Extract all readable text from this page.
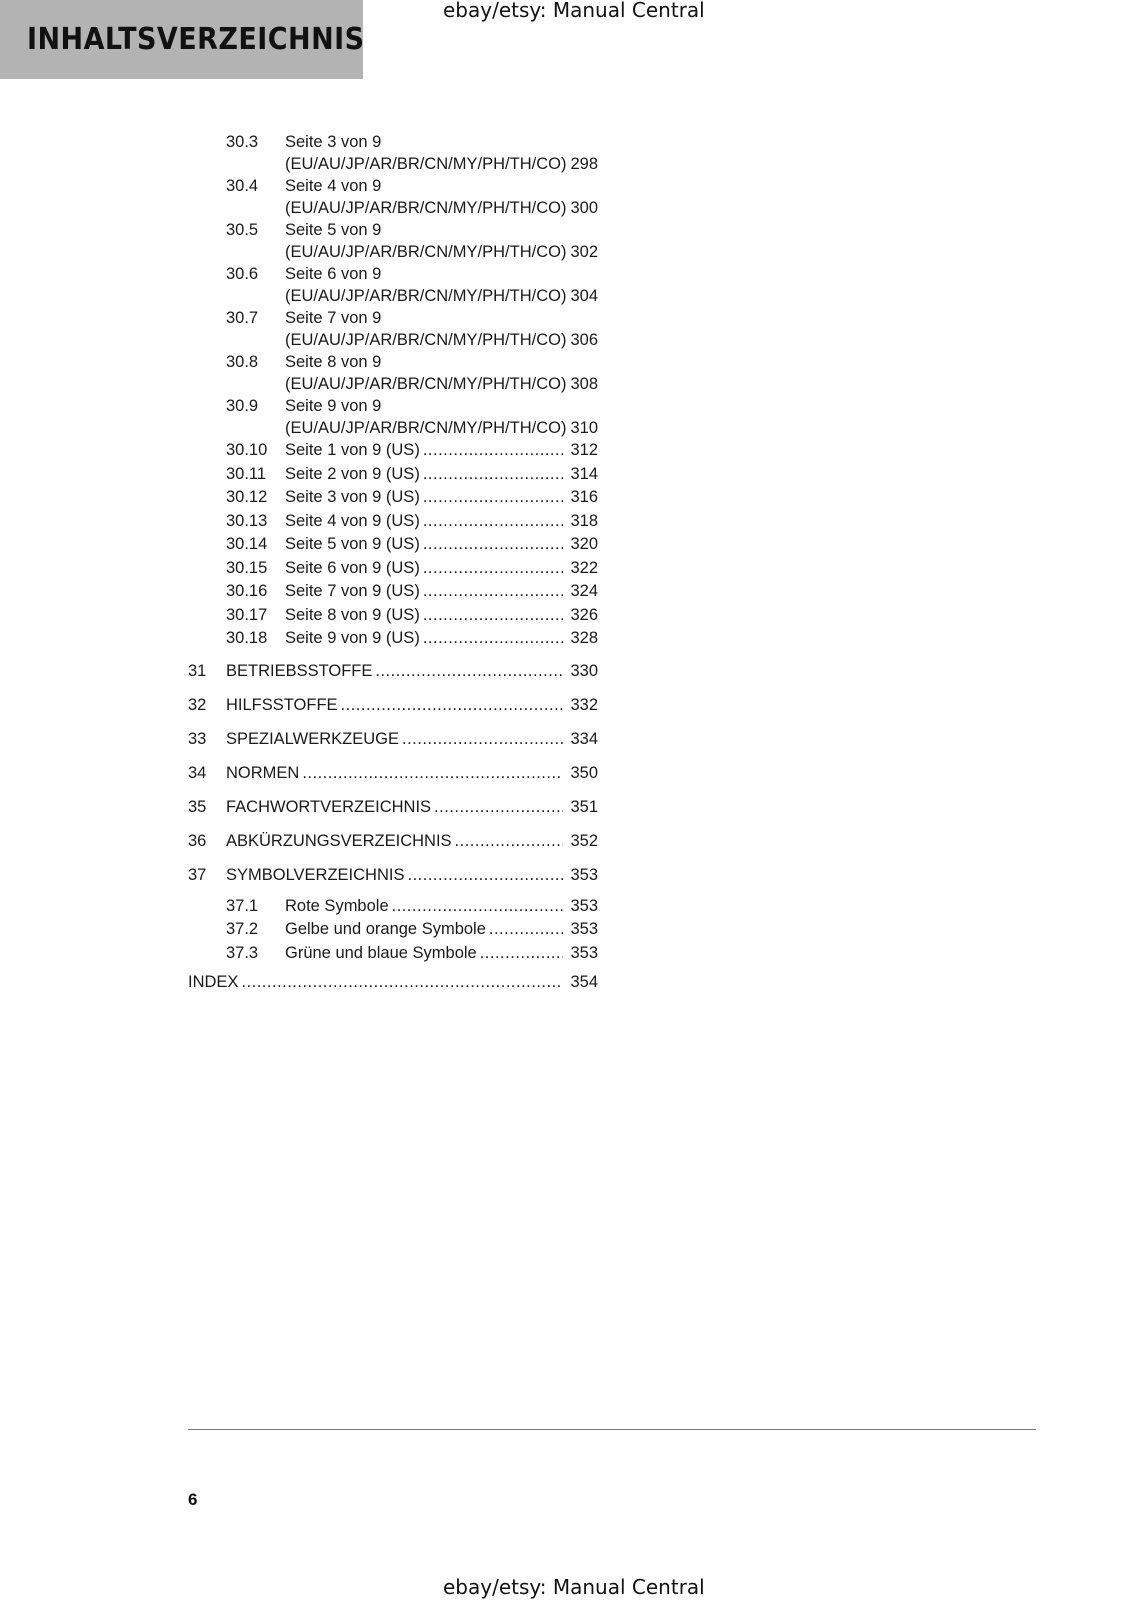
INHALTSVERZEICHNIS
ebay/etsy: Manual Central
30.3 Seite 3 von 9
(EU/AU/JP/AR/BR/CN/MY/PH/TH/CO) 298
30.4 Seite 4 von 9
(EU/AU/JP/AR/BR/CN/MY/PH/TH/CO) 300
30.5 Seite 5 von 9
(EU/AU/JP/AR/BR/CN/MY/PH/TH/CO) 302
30.6 Seite 6 von 9
(EU/AU/JP/AR/BR/CN/MY/PH/TH/CO) 304
30.7 Seite 7 von 9
(EU/AU/JP/AR/BR/CN/MY/PH/TH/CO) 306
30.8 Seite 8 von 9
(EU/AU/JP/AR/BR/CN/MY/PH/TH/CO) 308
30.9 Seite 9 von 9
(EU/AU/JP/AR/BR/CN/MY/PH/TH/CO) 310
30.10	Seite 1 von 9 (US) .....	312
30.11	Seite 2 von 9 (US) .....	314
30.12	Seite 3 von 9 (US) .....	316
30.13	Seite 4 von 9 (US) .....	318
30.14	Seite 5 von 9 (US) .....	320
30.15	Seite 6 von 9 (US) .....	322
30.16	Seite 7 von 9 (US) .....	324
30.17	Seite 8 von 9 (US) .....	326
30.18	Seite 9 von 9 (US) .....	328
31	BETRIEBSSTOFFE .....	330
32	HILFSSTOFFE .....	332
33	SPEZIALWERKZEUGE .....	334
34	NORMEN .....	350
35	FACHWORTVERZEICHNIS .....	351
36	ABKÜRZUNGSVERZEICHNIS .....	352
37	SYMBOLVERZEICHNIS .....	353
37.1	Rote Symbole .....	353
37.2	Gelbe und orange Symbole .....	353
37.3	Grüne und blaue Symbole .....	353
INDEX .....	354
6
ebay/etsy: Manual Central
